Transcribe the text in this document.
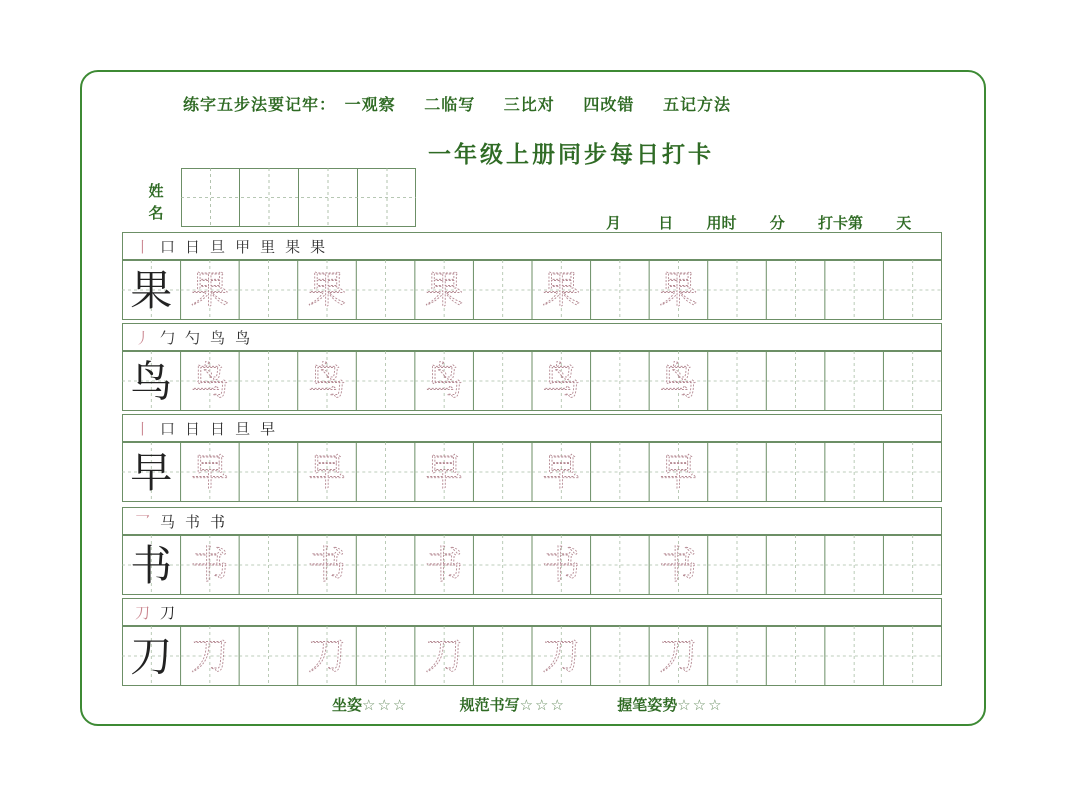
练字五步法要记牢： 一观察 二临写 三比对 四改错 五记方法
一年级上册同步每日打卡
姓
名
月 日 用时 分 打卡第 天
丨 口 日 旦 甲 里 果 果
果 果 果 果 果 果
丿 勹 勺 鸟 鸟
鸟 鸟 鸟 鸟 鸟 鸟
丨 口 日 日 旦 早
早 早 早 早 早 早
乛 马 书 书
书 书 书 书 书 书
刀 刀
刀 刀 刀 刀 刀 刀
坐姿☆☆☆	规范书写☆☆☆	握笔姿势☆☆☆
